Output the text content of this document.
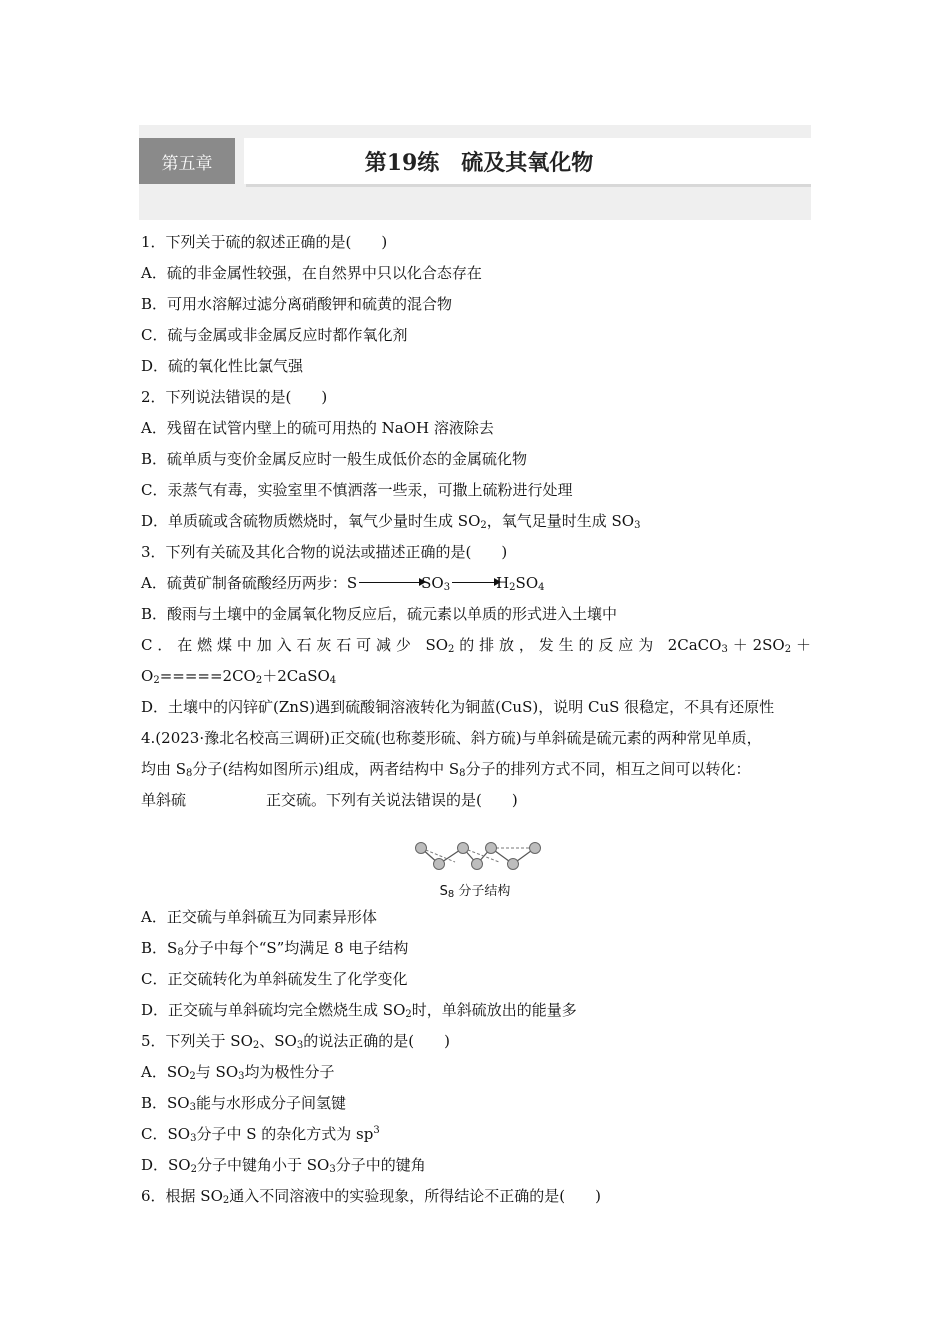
第五章	第19练　硫及其氧化物
1．下列关于硫的叙述正确的是(　　)
A．硫的非金属性较强，在自然界中只以化合态存在
B．可用水溶解过滤分离硝酸钾和硫黄的混合物
C．硫与金属或非金属反应时都作氧化剂
D．硫的氧化性比氯气强
2．下列说法错误的是(　　)
A．残留在试管内壁上的硫可用热的 NaOH 溶液除去
B．硫单质与变价金属反应时一般生成低价态的金属硫化物
C．汞蒸气有毒，实验室里不慎洒落一些汞，可撒上硫粉进行处理
D．单质硫或含硫物质燃烧时，氧气少量时生成 $SO_2$，氧气足量时生成 $SO_3$
3．下列有关硫及其化合物的说法或描述正确的是(　　)
A．硫黄矿制备硫酸经历两步：S	$SO_3$	$H_2SO_4$
B．酸雨与土壤中的金属氧化物反应后，硫元素以单质的形式进入土壤中
C．在燃煤中加入石灰石可减少 $SO_2$的排放，发生的反应为 $2CaCO_3+2SO_2+$
$O_2=====2CO_2+2CaSO_4$
D．土壤中的闪锌矿(ZnS)遇到硫酸铜溶液转化为铜蓝(CuS)，说明 CuS 很稳定，不具有还原性
4.(2023·豫北名校高三调研)正交硫(也称菱形硫、斜方硫)与单斜硫是硫元素的两种常见单质，
均由 $S_8$分子(结构如图所示)组成，两者结构中 $S_8$分子的排列方式不同，相互之间可以转化：
单斜硫	正交硫。下列有关说法错误的是(　　)
A．正交硫与单斜硫互为同素异形体
B．$S_8$分子中每个“S”均满足 8 电子结构
C．正交硫转化为单斜硫发生了化学变化
D．正交硫与单斜硫均完全燃烧生成 $SO_2$时，单斜硫放出的能量多
5．下列关于 $SO_2$、$SO_3$的说法正确的是(　　)
A．$SO_2$与 $SO_3$均为极性分子
B．$SO_3$能与水形成分子间氢键
C．$SO_3$分子中 S 的杂化方式为 $sp^3$
D．$SO_2$分子中键角小于 $SO_3$分子中的键角
6．根据 $SO_2$通入不同溶液中的实验现象，所得结论不正确的是(　　)
$S_8$ 分子结构
